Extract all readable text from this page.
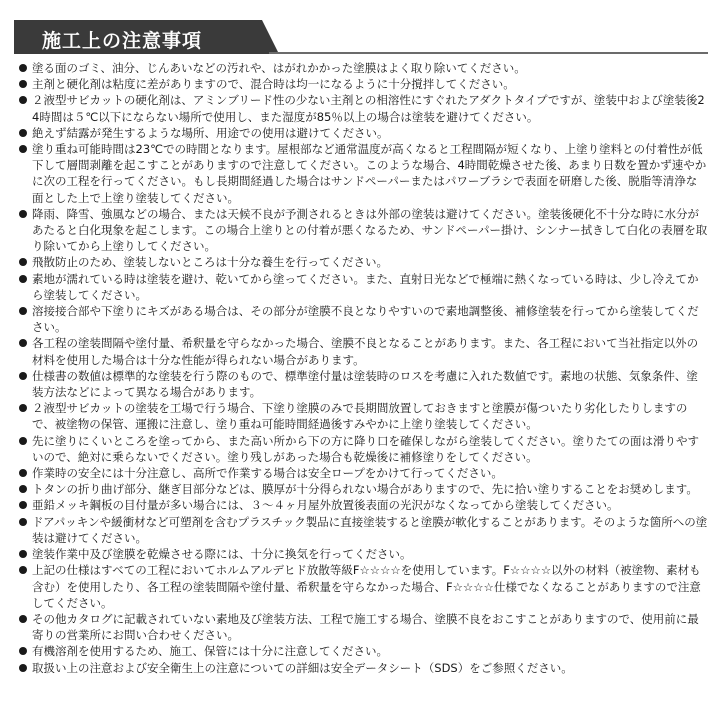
施工上の注意事項
塗る面のゴミ、油分、じんあいなどの汚れや、はがれかかった塗膜はよく取り除いてください。
主剤と硬化剤は粘度に差がありますので、混合時は均一になるように十分撹拌してください。
２液型サビカットの硬化剤は、アミンブリード性の少ない主剤との相溶性にすぐれたアダクトタイプですが、塗装中および塗装後24時間は５℃以下にならない場所で使用し、また湿度が85％以上の場合は塗装を避けてください。
絶えず結露が発生するような場所、用途での使用は避けてください。
塗り重ね可能時間は23℃での時間となります。屋根部など通常温度が高くなると工程間隔が短くなり、上塗り塗料との付着性が低下して層間剥離を起こすことがありますので注意してください。このような場合、4時間乾燥させた後、あまり日数を置かず速やかに次の工程を行ってください。もし長期間経過した場合はサンドペーパーまたはパワーブラシで表面を研磨した後、脱脂等清浄な面とした上で上塗り塗装してください。
降雨、降雪、強風などの場合、または天候不良が予測されるときは外部の塗装は避けてください。塗装後硬化不十分な時に水分があたると白化現象を起こします。この場合上塗りとの付着が悪くなるため、サンドペーパー掛け、シンナー拭きして白化の表層を取り除いてから上塗りしてください。
飛散防止のため、塗装しないところは十分な養生を行ってください。
素地が濡れている時は塗装を避け、乾いてから塗ってください。また、直射日光などで極端に熱くなっている時は、少し冷えてから塗装してください。
溶接接合部や下塗りにキズがある場合は、その部分が塗膜不良となりやすいので素地調整後、補修塗装を行ってから塗装してください。
各工程の塗装間隔や塗付量、希釈量を守らなかった場合、塗膜不良となることがあります。また、各工程において当社指定以外の材料を使用した場合は十分な性能が得られない場合があります。
仕様書の数値は標準的な塗装を行う際のもので、標準塗付量は塗装時のロスを考慮に入れた数値です。素地の状態、気象条件、塗装方法などによって異なる場合があります。
２液型サビカットの塗装を工場で行う場合、下塗り塗膜のみで長期間放置しておきますと塗膜が傷ついたり劣化したりしますので、被塗物の保管、運搬に注意し、塗り重ね可能時間経過後すみやかに上塗り塗装してください。
先に塗りにくいところを塗ってから、また高い所から下の方に降り口を確保しながら塗装してください。塗りたての面は滑りやすいので、絶対に乗らないでください。塗り残しがあった場合も乾燥後に補修塗りをしてください。
作業時の安全には十分注意し、高所で作業する場合は安全ロープをかけて行ってください。
トタンの折り曲げ部分、継ぎ目部分などは、膜厚が十分得られない場合がありますので、先に拾い塗りすることをお奨めします。
亜鉛メッキ鋼板の目付量が多い場合には、３～４ヶ月屋外放置後表面の光沢がなくなってから塗装してください。
ドアパッキンや緩衝材など可塑剤を含むプラスチック製品に直接塗装すると塗膜が軟化することがあります。そのような箇所への塗装は避けてください。
塗装作業中及び塗膜を乾燥させる際には、十分に換気を行ってください。
上記の仕様はすべての工程においてホルムアルデヒド放散等級F☆☆☆☆を使用しています。F☆☆☆☆以外の材料（被塗物、素材も含む）を使用したり、各工程の塗装間隔や塗付量、希釈量を守らなかった場合、F☆☆☆☆仕様でなくなることがありますので注意してください。
その他カタログに記載されていない素地及び塗装方法、工程で施工する場合、塗膜不良をおこすことがありますので、使用前に最寄りの営業所にお問い合わせください。
有機溶剤を使用するため、施工、保管には十分に注意してください。
取扱い上の注意および安全衛生上の注意についての詳細は安全データシート（SDS）をご参照ください。
